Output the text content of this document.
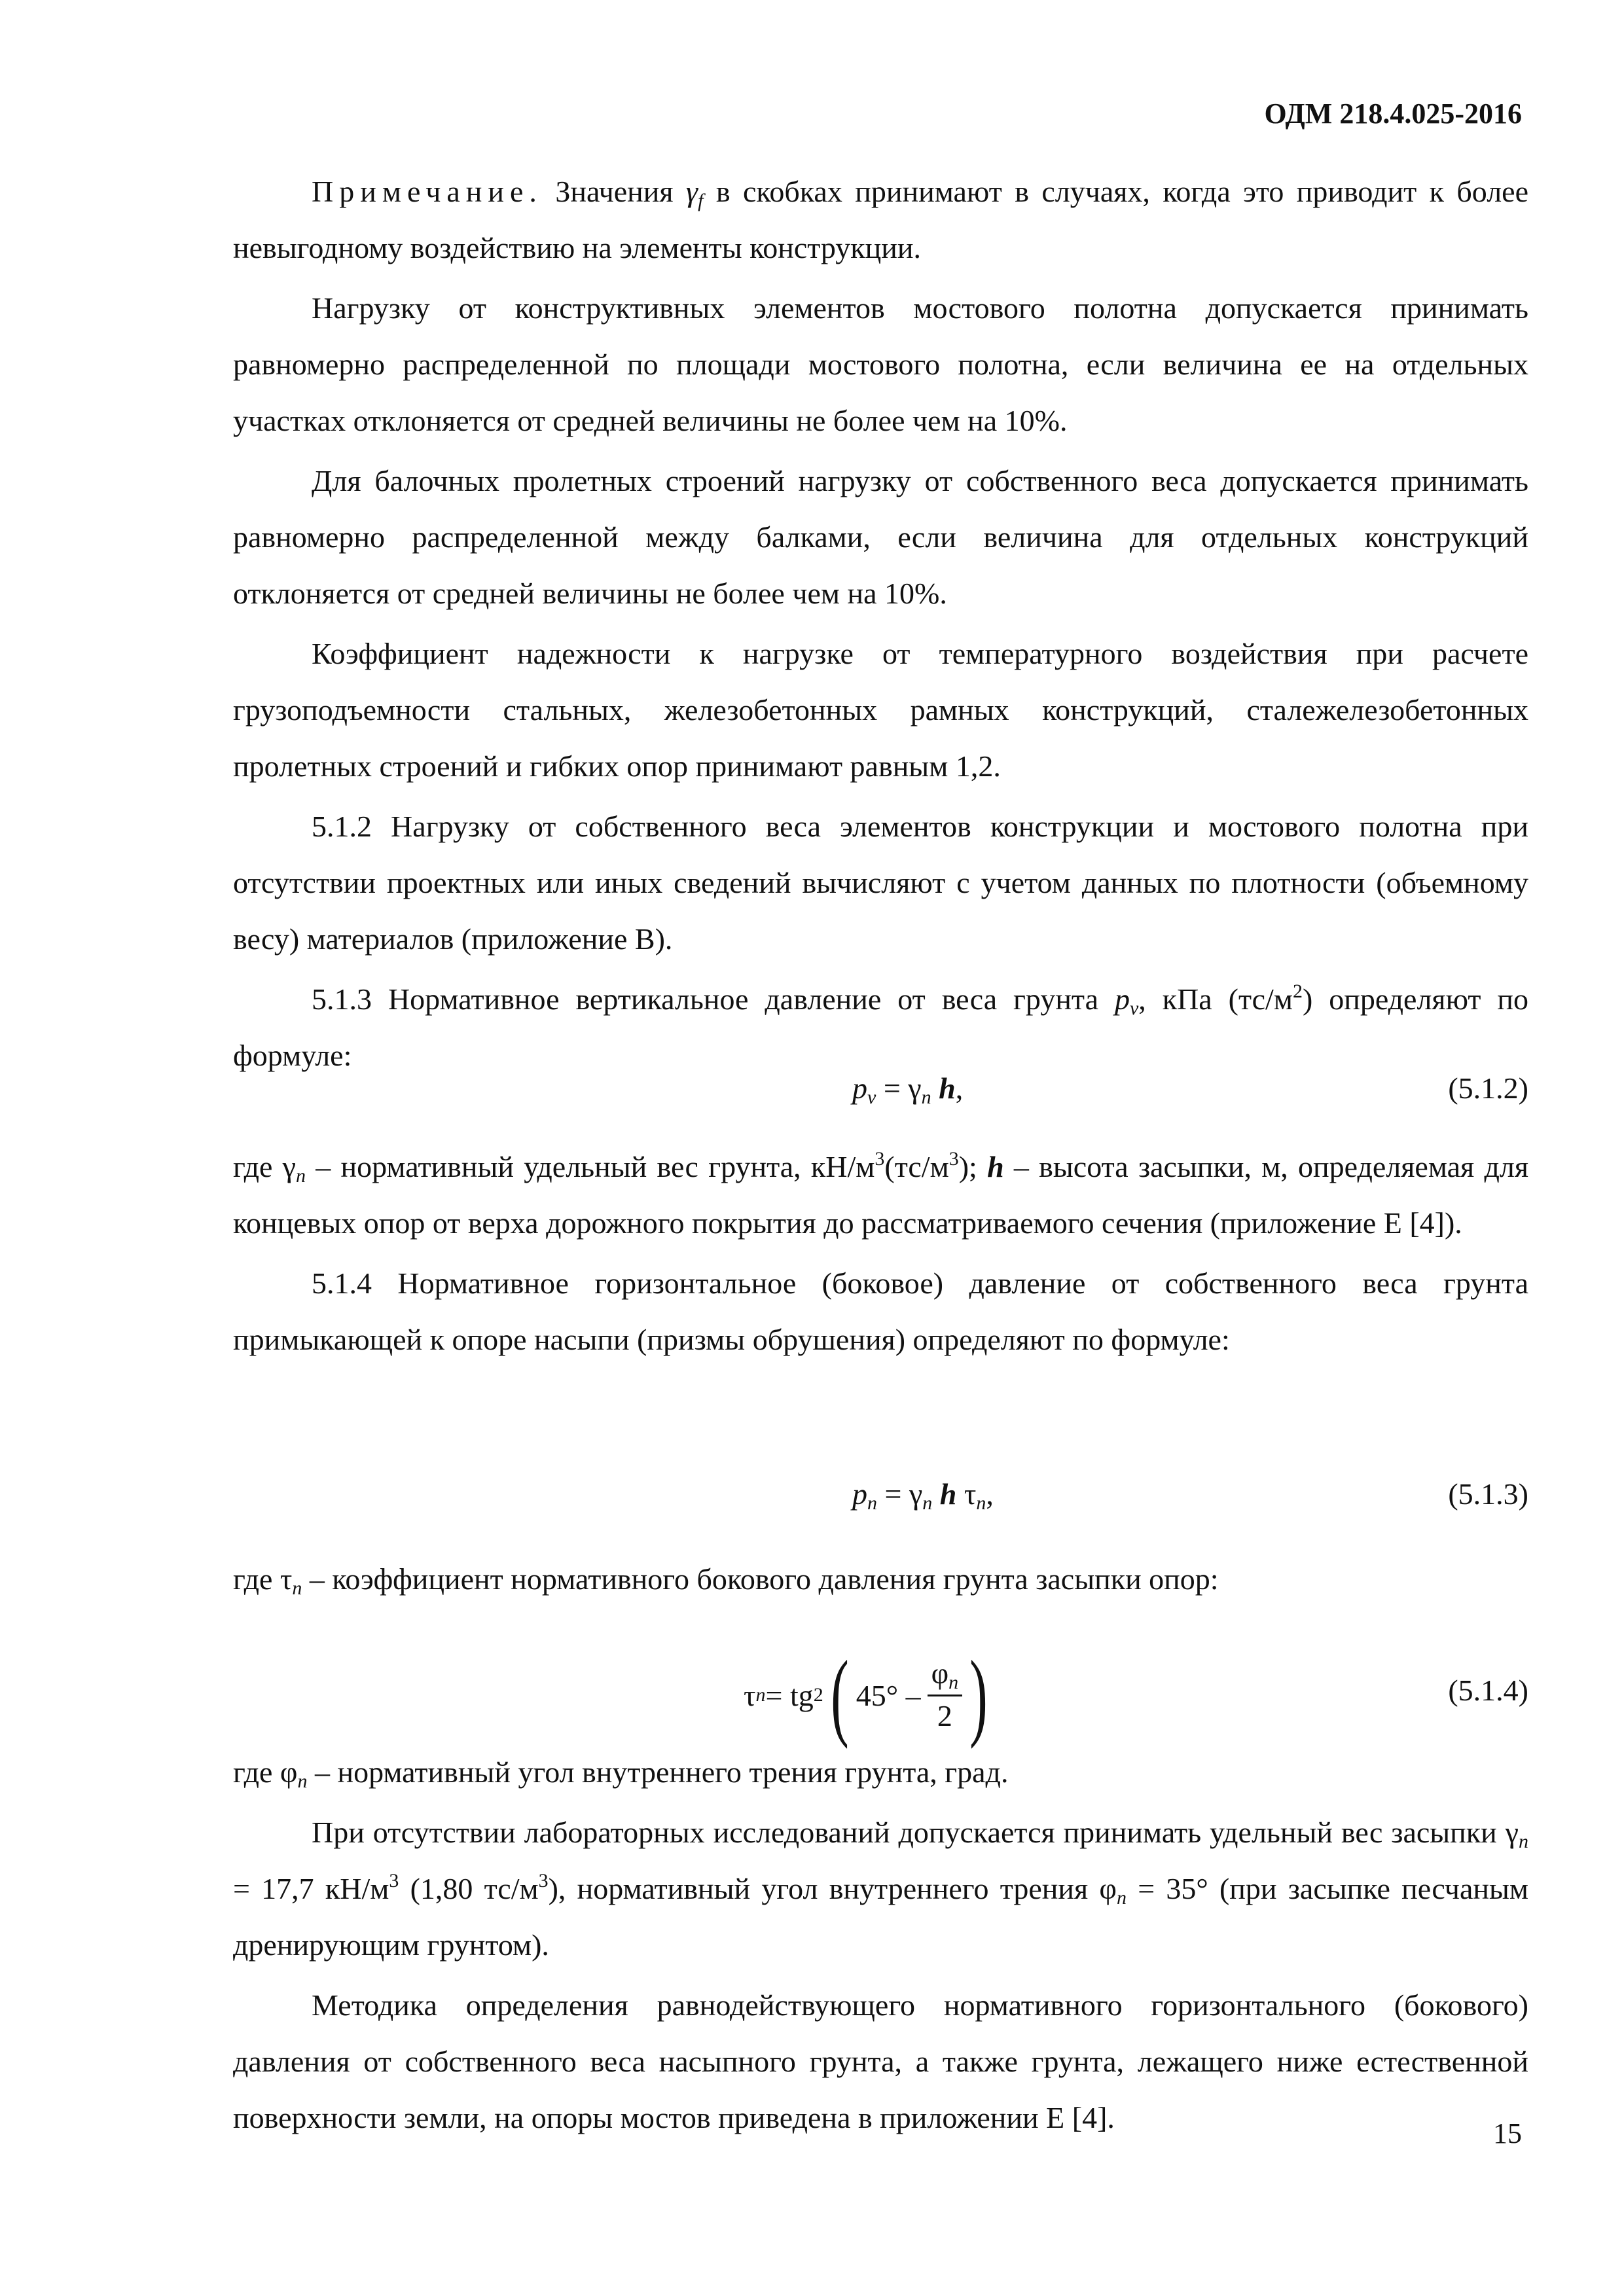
ОДМ 218.4.025-2016

Примечание. Значения $\gamma_f$ в скобках принимают в случаях, когда это приводит к более невыгодному воздействию на элементы конструкции.

Нагрузку от конструктивных элементов мостового полотна допускается принимать равномерно распределенной по площади мостового полотна, если величина ее на отдельных участках отклоняется от средней величины не более чем на 10%.

Для балочных пролетных строений нагрузку от собственного веса допускается принимать равномерно распределенной между балками, если величина для отдельных конструкций отклоняется от средней величины не более чем на 10%.

Коэффициент надежности к нагрузке от температурного воздействия при расчете грузоподъемности стальных, железобетонных рамных конструкций, сталежелезобетонных пролетных строений и гибких опор принимают равным 1,2.

5.1.2 Нагрузку от собственного веса элементов конструкции и мостового полотна при отсутствии проектных или иных сведений вычисляют с учетом данных по плотности (объемному весу) материалов (приложение В).

5.1.3 Нормативное вертикальное давление от веса грунта $p_v$, кПа $(тс/м^2)$ определяют по формуле:

$p_v = \gamma_n$ h,	(5.1.2)

где $\gamma_n$ – нормативный удельный вес грунта, $кН/м^3(тс/м^3)$; h – высота засыпки, м, определяемая для концевых опор от верха дорожного покрытия до рассматриваемого сечения (приложение Е [4]).

5.1.4 Нормативное горизонтальное (боковое) давление от собственного веса грунта примыкающей к опоре насыпи (призмы обрушения) определяют по формуле:

$p_n = \gamma_n$ h $\tau_n$,	(5.1.3)

где $\tau_n$ – коэффициент нормативного бокового давления грунта засыпки опор:

τ n = tg 2 ( $45^\circ - \frac{\varphi_n}{2}$ )	(5.1.4)

где $\varphi_n$ – нормативный угол внутреннего трения грунта, град.

При отсутствии лабораторных исследований допускается принимать удельный вес засыпки $\gamma_n = 17,7$ $кН/м^3$ (1,80 $тс/м^3$), нормативный угол внутреннего трения $\varphi_n = 35^\circ$ (при засыпке песчаным дренирующим грунтом).

Методика определения равнодействующего нормативного горизонтального (бокового) давления от собственного веса насыпного грунта, а также грунта, лежащего ниже естественной поверхности земли, на опоры мостов приведена в приложении Е [4].	15
